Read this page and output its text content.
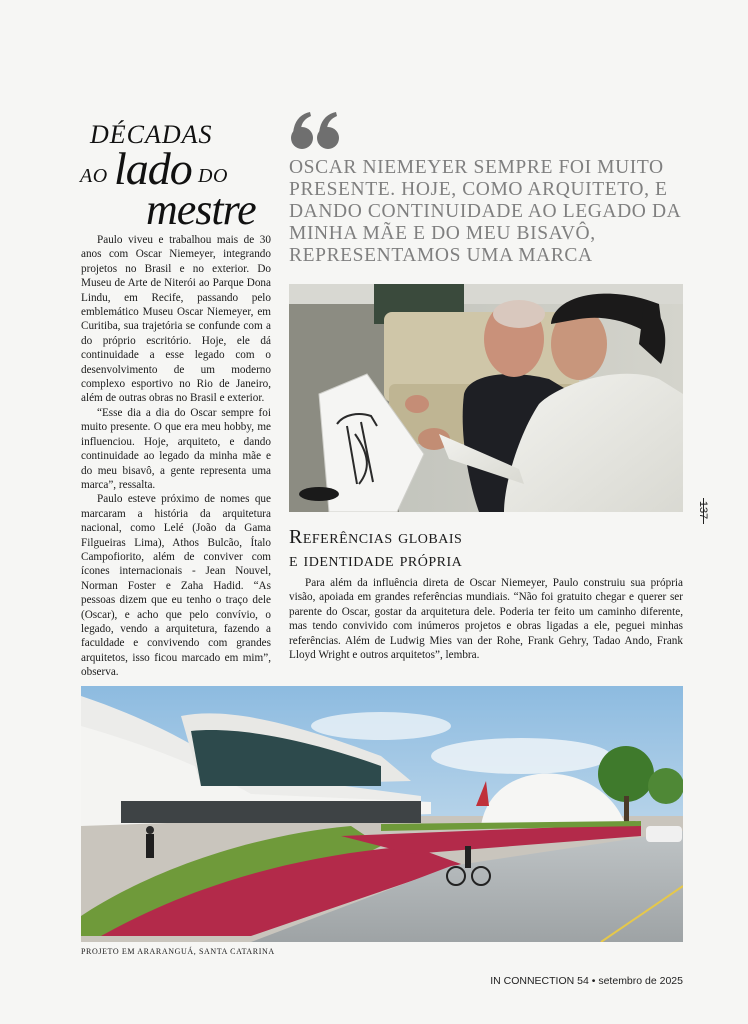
DÉCADAS
AO lado DO
mestre

Paulo viveu e trabalhou mais de 30 anos com Oscar Niemeyer, integrando projetos no Brasil e no exterior. Do Museu de Arte de Niterói ao Parque Dona Lindu, em Recife, passando pelo emblemático Museu Oscar Niemeyer, em Curitiba, sua trajetória se confunde com a do próprio escritório. Hoje, ele dá continuidade a esse legado com o desenvolvimento de um moderno complexo esportivo no Rio de Janeiro, além de outras obras no Brasil e exterior.

“Esse dia a dia do Oscar sempre foi muito presente. O que era meu hobby, me influenciou. Hoje, arquiteto, e dando continuidade ao legado da minha mãe e do meu bisavô, a gente representa uma marca”, ressalta.

Paulo esteve próximo de nomes que marcaram a história da arquitetura nacional, como Lelé (João da Gama Filgueiras Lima), Athos Bulcão, Ítalo Campofiorito, além de conviver com ícones internacionais - Jean Nouvel, Norman Foster e Zaha Hadid. “As pessoas dizem que eu tenho o traço dele (Oscar), e acho que pelo convívio, o legado, vendo a arquitetura, fazendo a faculdade e convivendo com grandes arquitetos, isso ficou marcado em mim”, observa.

OSCAR NIEMEYER SEMPRE FOI MUITO PRESENTE. HOJE, COMO ARQUITETO, E DANDO CONTINUIDADE AO LEGADO DA MINHA MÃE E DO MEU BISAVÔ, REPRESENTAMOS UMA MARCA
137
Referências globais
e identidade própria

Para além da influência direta de Oscar Niemeyer, Paulo construiu sua própria visão, apoiada em grandes referências mundiais. “Não foi gratuito chegar e querer ser parente do Oscar, gostar da arquitetura dele. Poderia ter feito um caminho diferente, mas tendo convivido com inúmeros projetos e obras ligadas a ele, peguei minhas referências. Além de Ludwig Mies van der Rohe, Frank Gehry, Tadao Ando, Frank Lloyd Wright e outros arquitetos”, lembra.

PROJETO EM ARARANGUÁ, SANTA CATARINA
IN CONNECTION 54 • setembro de 2025
